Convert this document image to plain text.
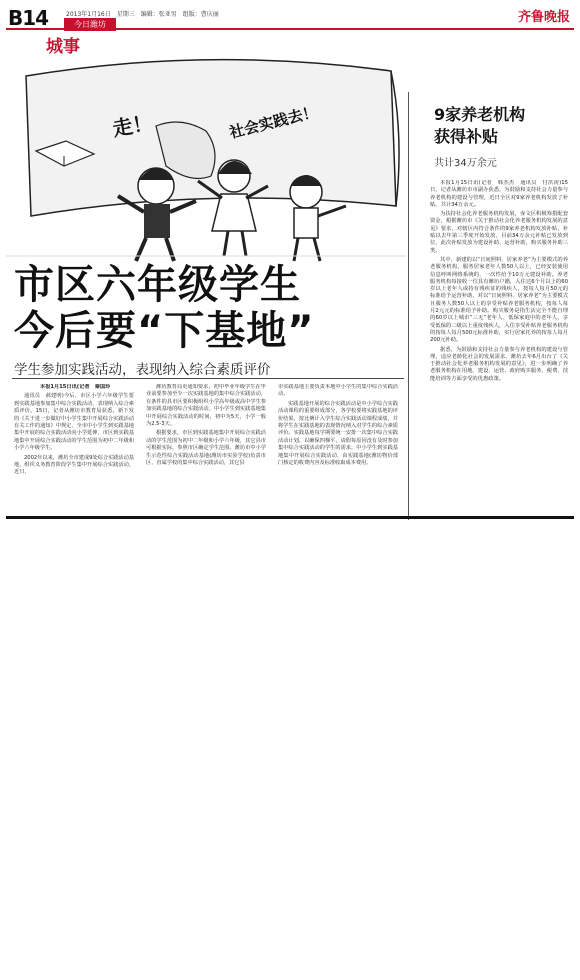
B14	2013年1月16日　星期三　编辑：张亚男　组版：曹庆丽	齐鲁晚报
今日潍坊
城事
走！	社会实践去！
市区六年级学生
今后要“下基地”
学生参加实践活动，表现纳入综合素质评价

本报1月15日讯(记者　秦国玲

通讯员　郝建明)今后，市区小学六年级学生要到实践基地参加集中综合实践活动，表现纳入综合素质评价。15日，记者从潍坊市教育局获悉，新下发的《关于进一步做好中小学生集中开展综合实践活动有关工作的通知》中规定，全市中小学生到实践基地集中开展的综合实践活动向小学延伸，市区到实践基地集中开展综合实践活动的学生范围为初中二年级和小学六年级学生。

2002年以来，潍坊全市建成9处综合实践活动基地，组织义务教育阶段学生集中开展综合实践活动，近日，

潍坊教育局更通知要求，初中毕业年级学生在毕业前要参加至少一次实践基地的集中综合实践活动，有条件的县市区要积极组织小学高年级或高中学生参加实践基地的综合实践活动。中小学生到实践基地集中开展综合实践活动的时间，初中为5天，小学一般为2.5-3天。

根据要求，市区到实践基地集中开展综合实践活动的学生范围为初中二年级和小学六年级，其它县市可根据实际，参照市区确定学生范围。潍坊市中小学生示范性综合实践活动基地(潍坊市实验学校)负责市区、直属学校的集中综合实践活动，其它县

市实践基地主要负责本地中小学生的集中综合实践活动。

实践基地开展的综合实践活动是中小学综合实践活动课程的重要组成部分，各学校要将实践基地的评价结果，按比例计入学生综合实践活动课程成绩，并将学生在实践基地的表现情况纳入对学生的综合素质评价。实践基地每学期要统一安排一次集中综合实践活动计划，以确保四梯平，请假每原因没有及时参加集中综合实践活动的学生的需求。中小学生到实践基地集中开展综合实践活动，由实践基地(潍坊物价部门核定的收费内容及标准收取成本费用。

9家养老机构
获得补贴
共计34万余元

本报1月15日讯(记者　韩杰杰　通讯员　付洪涛)15日，记者从潍坊市市副办获悉，为鼓励和支持社会力量参与养老机构的建设与管理，近日全区对9家养老机构发放了补贴，共计34万余元。

为扶持社会化养老服务机构发展，壶文区积极筹措配套资金，根据潍坊市《关于推动社会化养老服务机构发展的意见》要求，对辖区内符合条件的9家养老机构发放补贴，补贴以去年第三季度开始发放，目前34万余元补贴已发放到位，此次补贴发放为建设补助、运营补助，购买服务补助三类。

其中，新建的以“日间照料、居家养老”为主要模式的养老服务机构，服务居家老年人数50人以上，已经安装使用信息呼叫网络系统的，一次性给予10万元建设补助。养老服务机构每接收一位具有潍坊户籍，入住达6个月以上的60岁以上老年人或持有残疾证的残疾人，按每人每月50元的标准给予运营补助，对以“日间照料、居家养老”为主要模式且服务人数50人以上的享受补贴养老服务机构，按每人每月2元元的标准给予补助。购买服务是指生活完全不能自理的60岁以上城市“三无”老年人、低保家庭中的老年人，享受低保的二级以上重度残疾人，入住享受补贴养老服务机构的按每人每月500元标准补助，实行居家托养的按每人每月200元补助。

据悉，为鼓励和支持社会力量参与养老机构的建设与管理，适应老龄化社会的发展需求，潍坊去年6月出台了《关于推动社会化养老服务机构发展的意见》，进一步明确了养老服务机构在用地、建设、运营、政府购买服务、税费、技能培训等方面享受的优惠政策。
